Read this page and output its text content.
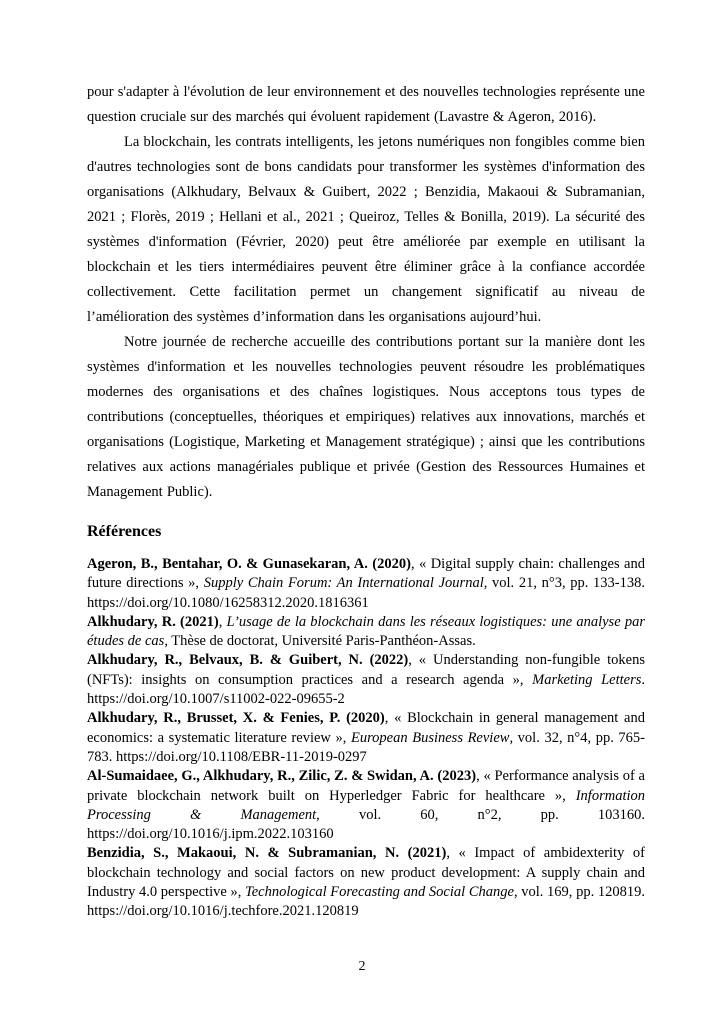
pour s'adapter à l'évolution de leur environnement et des nouvelles technologies représente une question cruciale sur des marchés qui évoluent rapidement (Lavastre & Ageron, 2016).

La blockchain, les contrats intelligents, les jetons numériques non fongibles comme bien d'autres technologies sont de bons candidats pour transformer les systèmes d'information des organisations (Alkhudary, Belvaux & Guibert, 2022 ; Benzidia, Makaoui & Subramanian, 2021 ; Florès, 2019 ; Hellani et al., 2021 ; Queiroz, Telles & Bonilla, 2019). La sécurité des systèmes d'information (Février, 2020) peut être améliorée par exemple en utilisant la blockchain et les tiers intermédiaires peuvent être éliminer grâce à la confiance accordée collectivement. Cette facilitation permet un changement significatif au niveau de l’amélioration des systèmes d’information dans les organisations aujourd’hui.

Notre journée de recherche accueille des contributions portant sur la manière dont les systèmes d'information et les nouvelles technologies peuvent résoudre les problématiques modernes des organisations et des chaînes logistiques. Nous acceptons tous types de contributions (conceptuelles, théoriques et empiriques) relatives aux innovations, marchés et organisations (Logistique, Marketing et Management stratégique) ; ainsi que les contributions relatives aux actions managériales publique et privée (Gestion des Ressources Humaines et Management Public).

Références

Ageron, B., Bentahar, O. & Gunasekaran, A. (2020), « Digital supply chain: challenges and future directions », Supply Chain Forum: An International Journal, vol. 21, n°3, pp. 133-138. https://doi.org/10.1080/16258312.2020.1816361

Alkhudary, R. (2021), L’usage de la blockchain dans les réseaux logistiques: une analyse par études de cas, Thèse de doctorat, Université Paris-Panthéon-Assas.

Alkhudary, R., Belvaux, B. & Guibert, N. (2022), « Understanding non-fungible tokens (NFTs): insights on consumption practices and a research agenda », Marketing Letters. https://doi.org/10.1007/s11002-022-09655-2

Alkhudary, R., Brusset, X. & Fenies, P. (2020), « Blockchain in general management and economics: a systematic literature review », European Business Review, vol. 32, n°4, pp. 765-783. https://doi.org/10.1108/EBR-11-2019-0297

Al-Sumaidaee, G., Alkhudary, R., Zilic, Z. & Swidan, A. (2023), « Performance analysis of a private blockchain network built on Hyperledger Fabric for healthcare », Information Processing & Management, vol. 60, n°2, pp. 103160. https://doi.org/10.1016/j.ipm.2022.103160

Benzidia, S., Makaoui, N. & Subramanian, N. (2021), « Impact of ambidexterity of blockchain technology and social factors on new product development: A supply chain and Industry 4.0 perspective », Technological Forecasting and Social Change, vol. 169, pp. 120819. https://doi.org/10.1016/j.techfore.2021.120819

2
